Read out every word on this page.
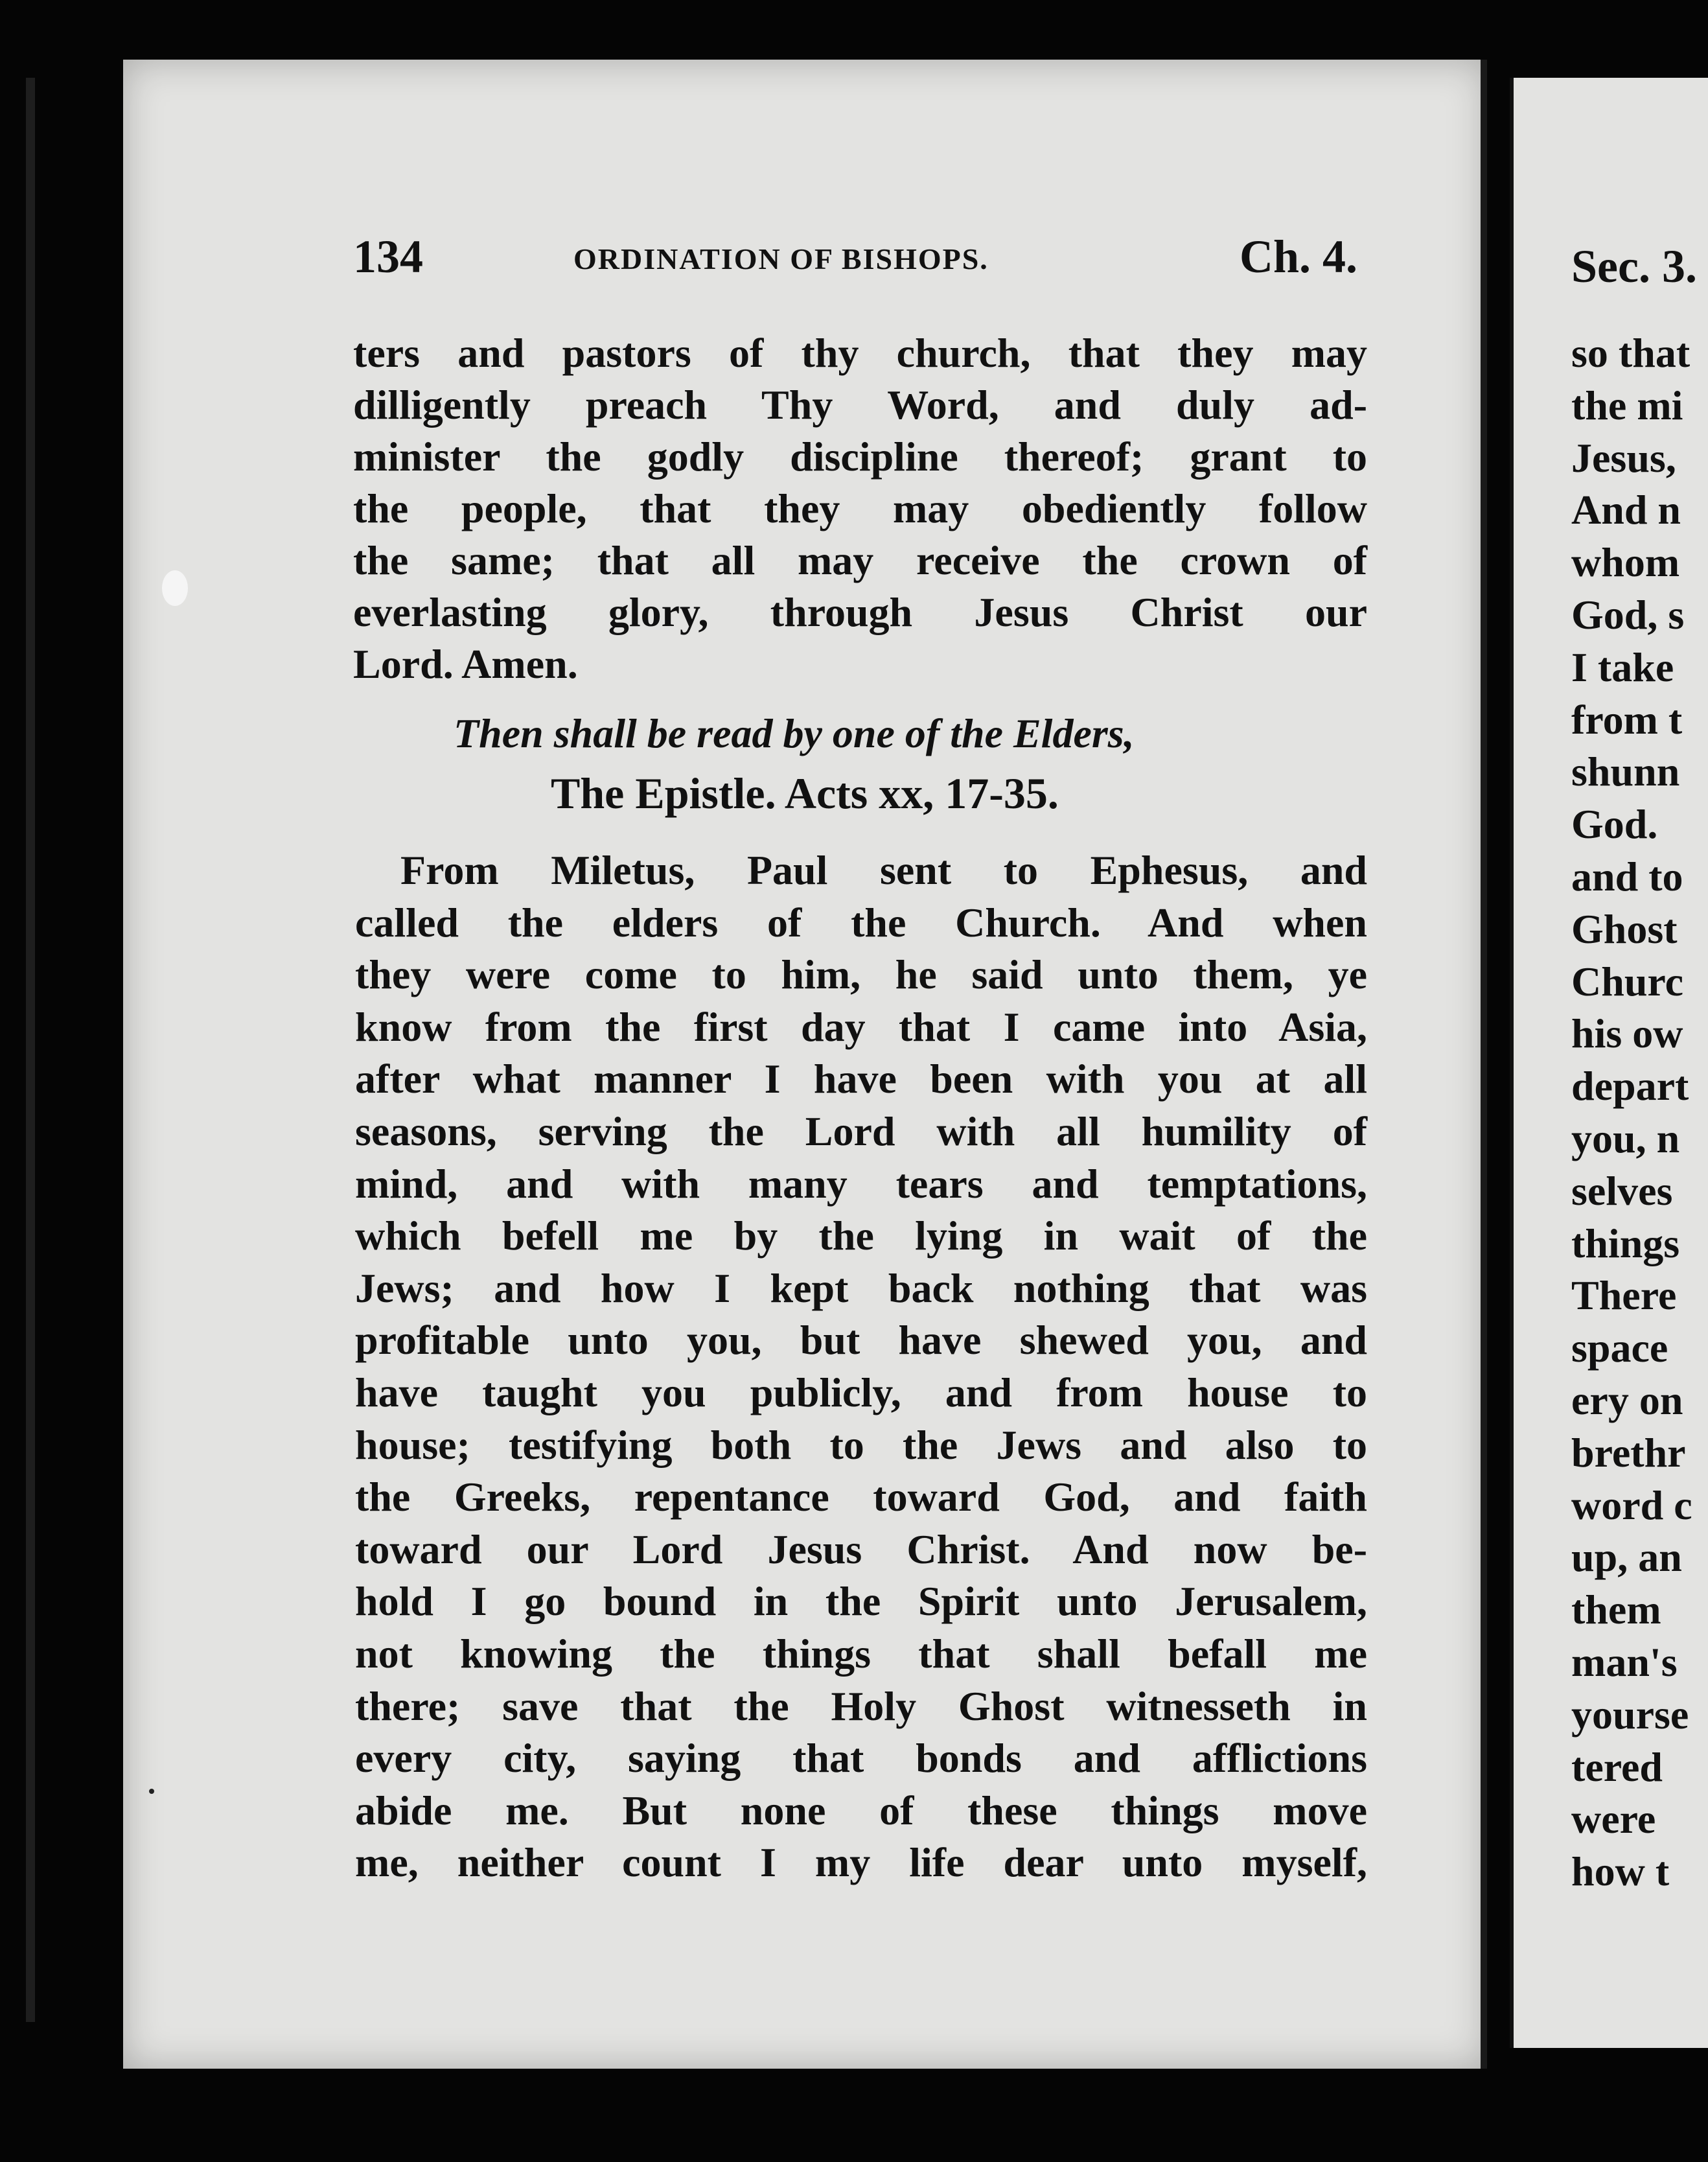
134	ORDINATION OF BISHOPS.	Ch. 4.
ters and pastors of thy church, that they may
dilligently preach Thy Word, and duly ad-
minister the godly discipline thereof; grant to
the people, that they may obediently follow
the same; that all may receive the crown of
everlasting glory, through Jesus Christ our
Lord. Amen.
Then shall be read by one of the Elders,
The Epistle. Acts xx, 17-35.
From Miletus, Paul sent to Ephesus, and
called the elders of the Church. And when
they were come to him, he said unto them, ye
know from the first day that I came into Asia,
after what manner I have been with you at all
seasons, serving the Lord with all humility of
mind, and with many tears and temptations,
which befell me by the lying in wait of the
Jews; and how I kept back nothing that was
profitable unto you, but have shewed you, and
have taught you publicly, and from house to
house; testifying both to the Jews and also to
the Greeks, repentance toward God, and faith
toward our Lord Jesus Christ. And now be-
hold I go bound in the Spirit unto Jerusalem,
not knowing the things that shall befall me
there; save that the Holy Ghost witnesseth in
every city, saying that bonds and afflictions
abide me. But none of these things move
me, neither count I my life dear unto myself,
Sec. 3.
so that
the mi
Jesus,
And n
whom
God, s
I take
from t
shunn
God.
and to
Ghost
Churc
his ow
depart
you, n
selves
things
There
space
ery on
brethr
word c
up, an
them
man's
yourse
tered
were
how t
